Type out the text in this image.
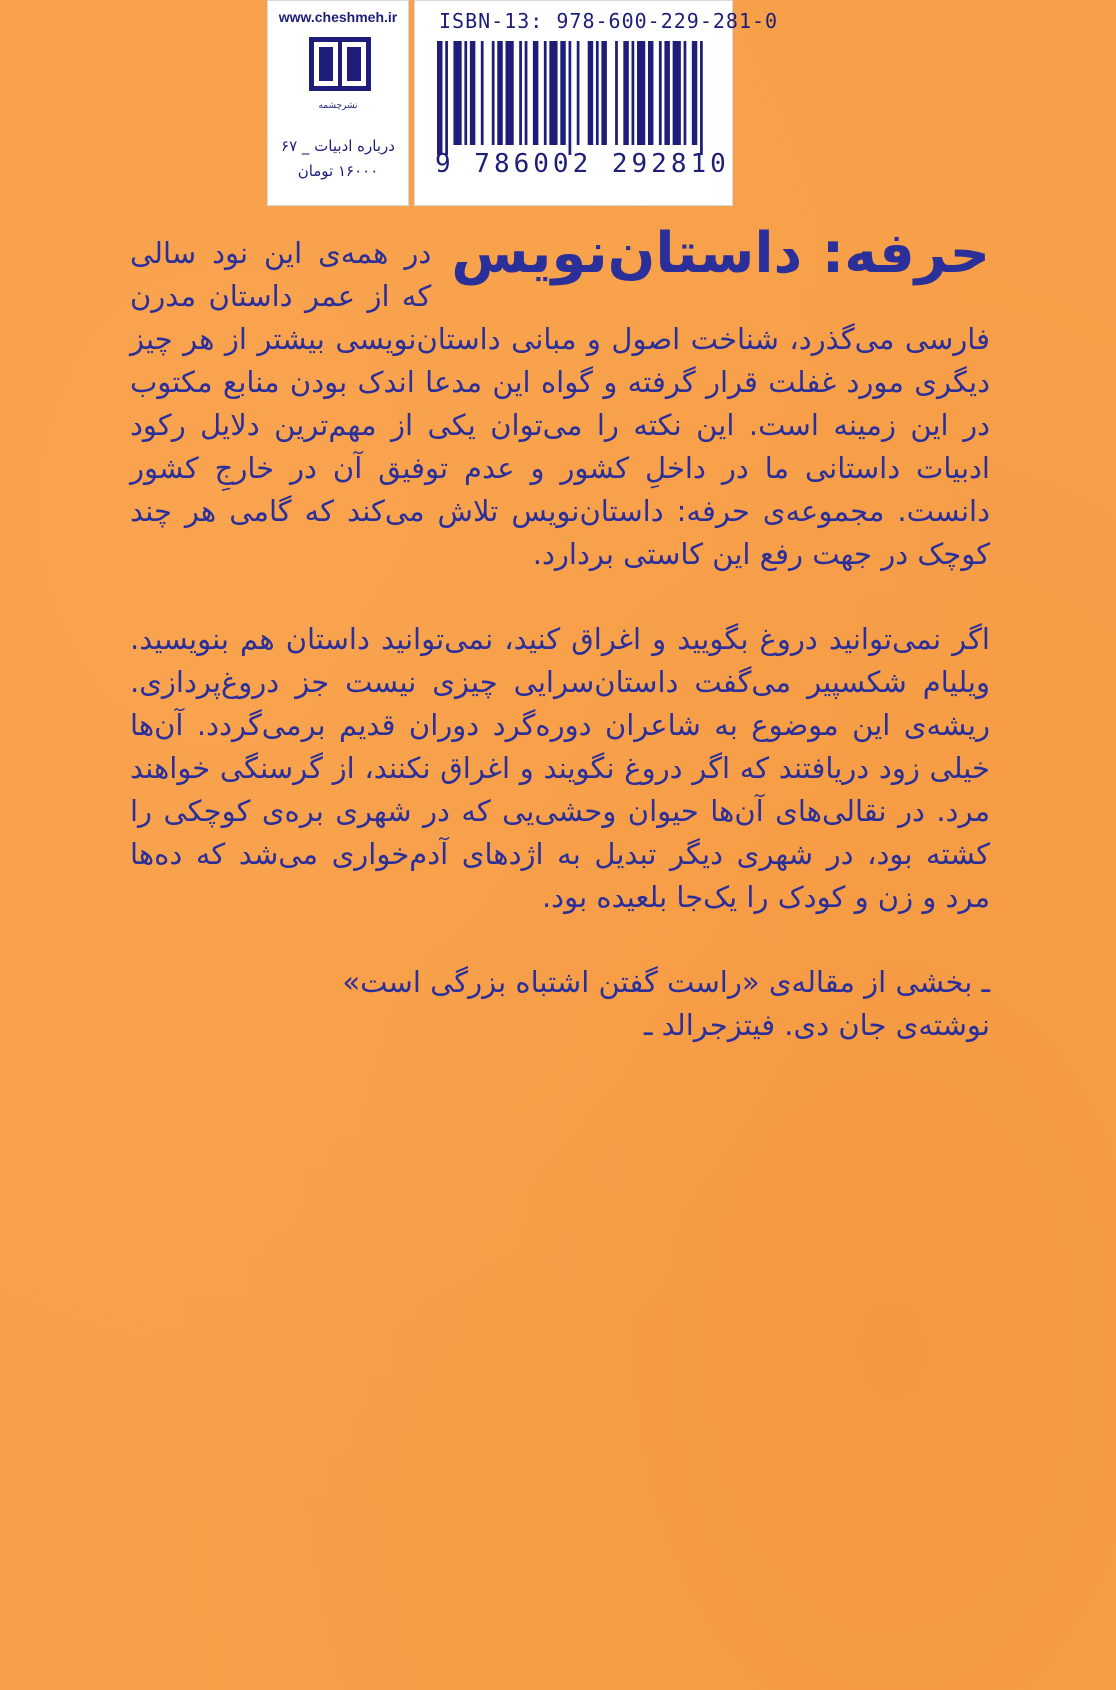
www.cheshmeh.ir
نشرچشمه
درباره ادبیات _ ۶۷
۱۶۰۰۰ تومان
ISBN-13: 978-600-229-281-0
9 786002 292810

حرفه: داستان‌نویس
در همه‌ی این نود سالی که از عمر داستان مدرن فارسی می‌گذرد، شناخت اصول و مبانی داستان‌نویسی بیشتر از هر چیز دیگری مورد غفلت قرار گرفته و گواه این مدعا اندک بودن منابع مکتوب در این زمینه است. این نکته را می‌توان یکی از مهم‌ترین دلایل رکود ادبیات داستانی ما در داخلِ کشور و عدم توفیق آن در خارجِ کشور دانست. مجموعه‌ی حرفه: داستان‌نویس تلاش می‌کند که گامی هر چند کوچک در جهت رفع این کاستی بردارد.

اگر نمی‌توانید دروغ بگویید و اغراق کنید، نمی‌توانید داستان هم بنویسید. ویلیام شکسپیر می‌گفت داستان‌سرایی چیزی نیست جز دروغ‌پردازی. ریشه‌ی این موضوع به شاعران دوره‌گرد دوران قدیم برمی‌گردد. آن‌ها خیلی زود دریافتند که اگر دروغ نگویند و اغراق نکنند، از گرسنگی خواهند مرد. در نقالی‌های آن‌ها حیوان وحشی‌یی که در شهری بره‌ی کوچکی را کشته بود، در شهری دیگر تبدیل به اژدهای آدم‌خواری می‌شد که ده‌ها مرد و زن و کودک را یک‌جا بلعیده بود.

ـ بخشی از مقاله‌ی «راست گفتن اشتباه بزرگی است»
نوشته‌ی جان دی. فیتزجرالد ـ
